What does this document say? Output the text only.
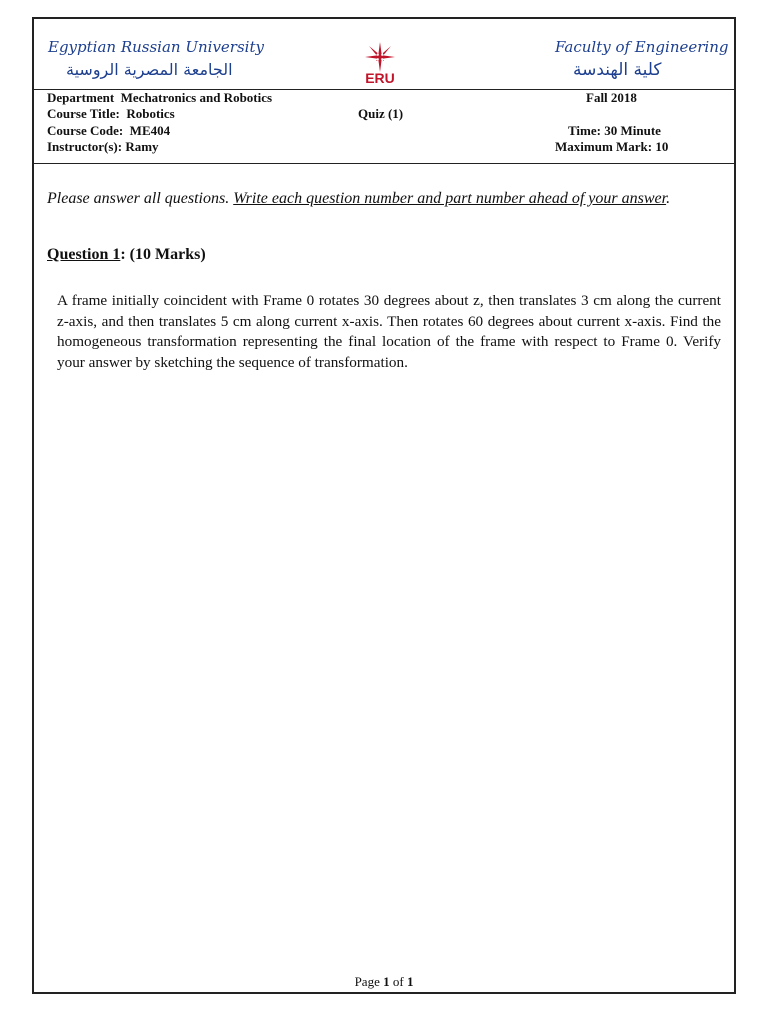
Egyptian Russian University
الجامعة المصرية الروسية	ERU
Faculty of Engineering
كلية الهندسة
Department  Mechatronics and Robotics
Course Title:  Robotics
Course Code:  ME404
Instructor(s): Ramy
Quiz (1)
Fall 2018
Time: 30 Minute
Maximum Mark: 10
Please answer all questions. Write each question number and part number ahead of your answer.
Question 1: (10 Marks)
A frame initially coincident with Frame 0 rotates 30 degrees about z, then translates 3 cm along the current z-axis, and then translates 5 cm along current x-axis. Then rotates 60 degrees about current x-axis. Find the homogeneous transformation representing the final location of the frame with respect to Frame 0. Verify your answer by sketching the sequence of transformation.
Page 1 of 1
